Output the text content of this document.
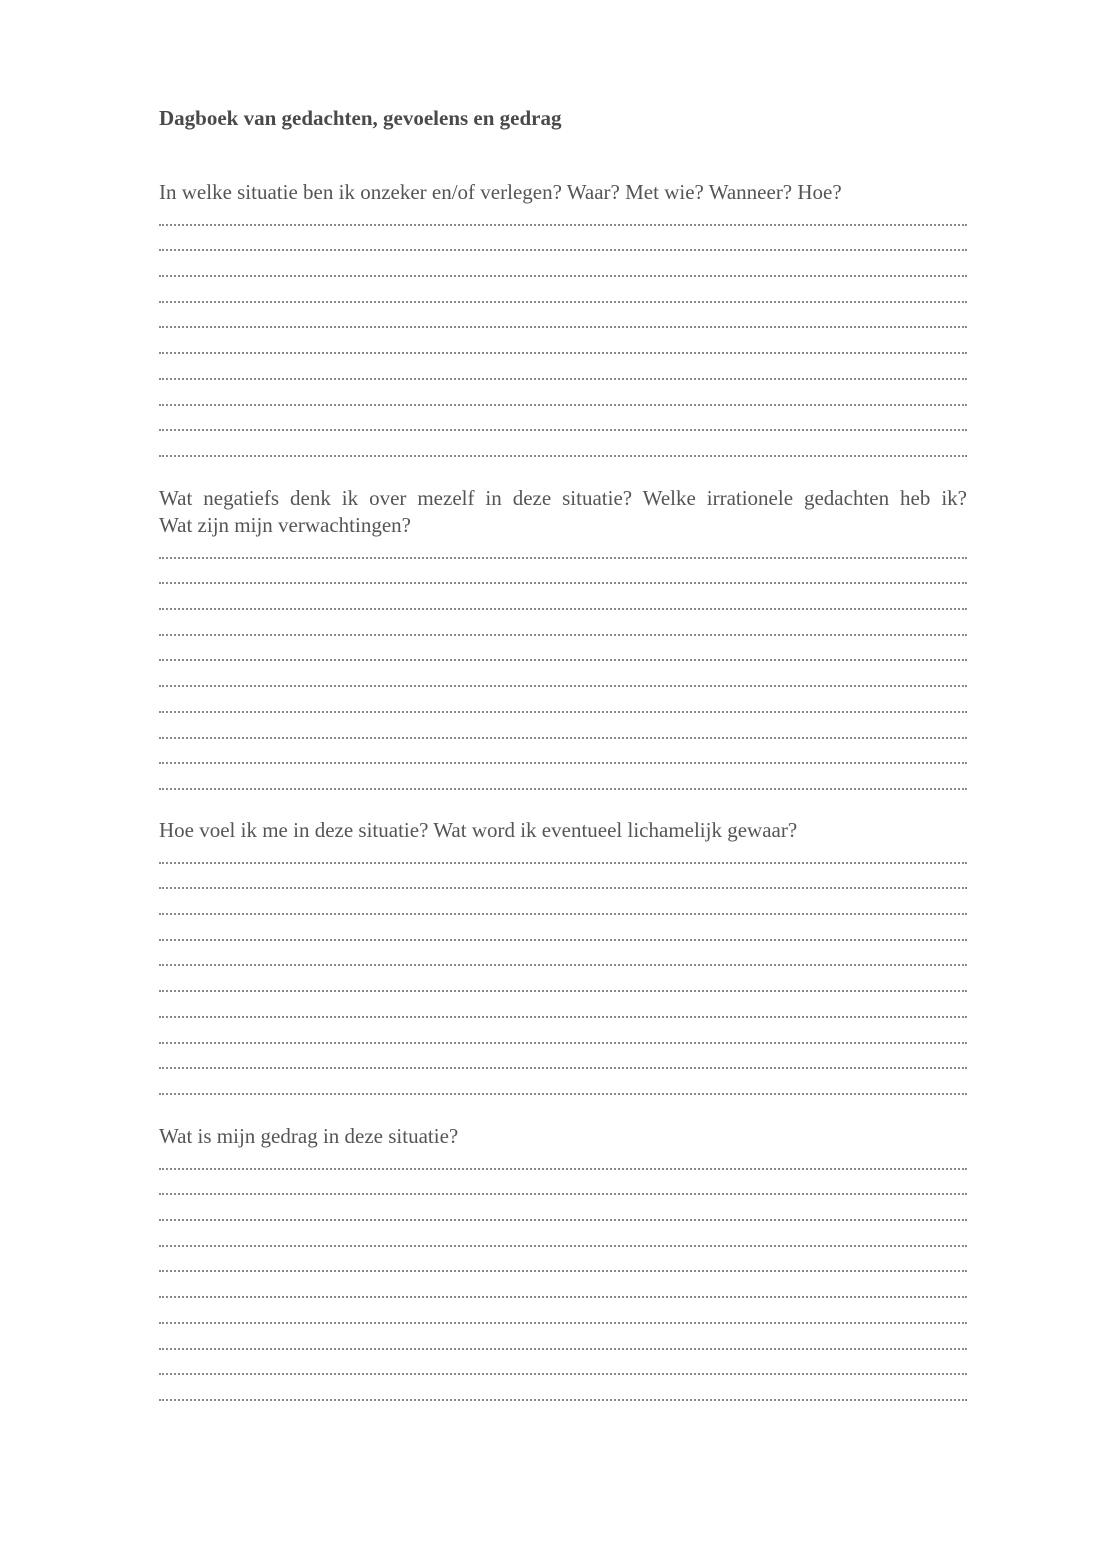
Dagboek van gedachten, gevoelens en gedrag

In welke situatie ben ik onzeker en/of verlegen? Waar? Met wie? Wanneer? Hoe?

Wat negatiefs denk ik over mezelf in deze situatie? Welke irrationele gedachten heb ik?

Wat zijn mijn verwachtingen?

Hoe voel ik me in deze situatie? Wat word ik eventueel lichamelijk gewaar?

Wat is mijn gedrag in deze situatie?
